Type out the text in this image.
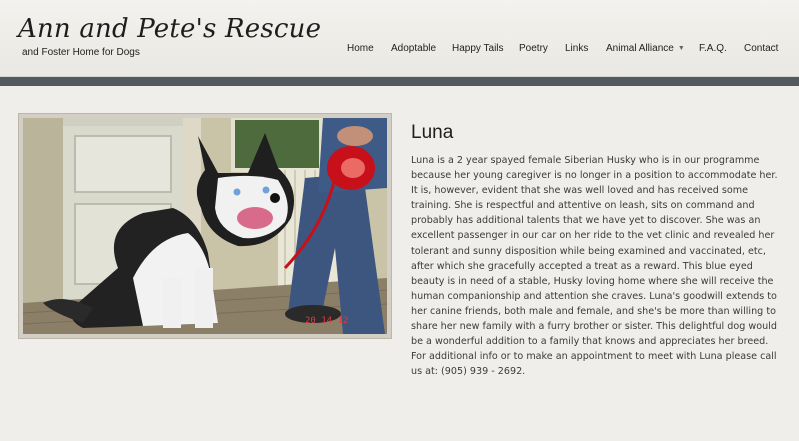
Ann and Pete's Rescue
and Foster Home for Dogs	Home Adoptable Happy Tails Poetry Links Animal Alliance ▼ F.A.Q. Contact
20 14 12
Luna

Luna is a 2 year spayed female Siberian Husky who is in our programme because her young caregiver is no longer in a position to accommodate her. It is, however, evident that she was well loved and has received some training. She is respectful and attentive on leash, sits on command and probably has additional talents that we have yet to discover. She was an excellent passenger in our car on her ride to the vet clinic and revealed her tolerant and sunny disposition while being examined and vaccinated, etc, after which she gracefully accepted a treat as a reward. This blue eyed beauty is in need of a stable, Husky loving home where she will receive the human companionship and attention she craves. Luna's goodwill extends to her canine friends, both male and female, and she's be more than willing to share her new family with a furry brother or sister. This delightful dog would be a wonderful addition to a family that knows and appreciates her breed. For additional info or to make an appointment to meet with Luna please call us at: (905) 939 - 2692.
